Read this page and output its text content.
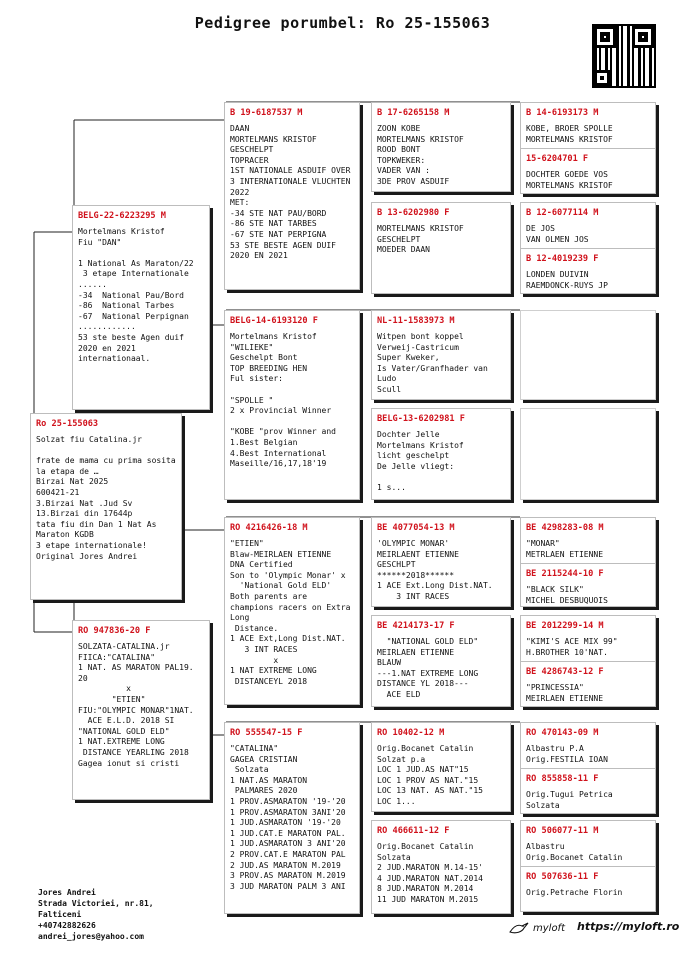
Pedigree porumbel: Ro 25-155063
Ro 25-155063
Solzat fiu Catalina.jr

frate de mama cu prima sosita la etapa de …
Birzai Nat 2025
600421-21
3.Birzai Nat .Jud Sv
13.Birzai din 17644p
tata fiu din Dan 1 Nat As Maraton KGDB
3 etape internationale!
Original Jores Andrei
BELG-22-6223295 M
Mortelmans Kristof
Fiu "DAN"

1 National As Maraton/22
3 etape Internationale
......
-34  National Pau/Bord
-86  National Tarbes
-67  National Perpignan
............
53 ste beste Agen duif 2020 en 2021 internationaal.
RO 947836-20 F
SOLZATA-CATALINA.jr
FIICA:"CATALINA"
1 NAT. AS MARATON PAL19.
20
x
"ETIEN"
FIU:"OLYMPIC MONAR"1NAT.
ACE E.L.D. 2018 SI
"NATIONAL GOLD ELD"
1 NAT.EXTREME LONG
DISTANCE YEARLING 2018
Gagea ionut si cristi
B 19-6187537 M
DAAN
MORTELMANS KRISTOF
GESCHELPT
TOPRACER
1ST NATIONALE ASDUIF OVER 3 INTERNATIONALE VLUCHTEN 2022
MET:
-34 STE NAT PAU/BORD
-86 STE NAT TARBES
-67 STE NAT PERPIGNA
53 STE BESTE AGEN DUIF 2020 EN 2021
BELG-14-6193120 F
Mortelmans Kristof
"WILIEKE"
Geschelpt Bont
TOP BREEDING HEN
Ful sister:

"SPOLLE "
2 x Provincial Winner

"KOBE "prov Winner and
1.Best Belgian
4.Best International Maseille/16,17,18'19
RO 4216426-18 M
"ETIEN"
Blaw-MEIRLAEN ETIENNE
DNA Certified
Son to 'Olympic Monar' x
'National Gold ELD'
Both parents are champions racers on Extra Long
Distance.
1 ACE Ext,Long Dist.NAT.
3 INT RACES
x
1 NAT EXTREME LONG
DISTANCEYL 2018
RO 555547-15 F
"CATALINA"
GAGEA CRISTIAN
Solzata
1 NAT.AS MARATON
PALMARES 2020
1 PROV.ASMARATON '19-'20
1 PROV.ASMARATON 3ANI'20
1 JUD.ASMARATON '19-'20
1 JUD.CAT.E MARATON PAL.
1 JUD.ASMARATON 3 ANI'20
2 PROV.CAT.E MARATON PAL
2 JUD.AS MARATON M.2019
3 PROV.AS MARATON M.2019
3 JUD MARATON PALM 3 ANI
B 17-6265158 M
ZOON KOBE
MORTELMANS KRISTOF
ROOD BONT
TOPKWEKER:
VADER VAN :
3DE PROV ASDUIF
B 13-6202980 F
MORTELMANS KRISTOF
GESCHELPT
MOEDER DAAN
NL-11-1583973 M
Witpen bont koppel
Verweij-Castricum
Super Kweker,
Is Vater/Granfhader van Ludo
Scull
BELG-13-6202981 F
Dochter Jelle
Mortelmans Kristof
licht geschelpt
De Jelle vliegt:

1 s...
BE 4077054-13 M
'OLYMPIC MONAR'
MEIRLAENT ETIENNE
GESCHLPT
******2018******
1 ACE Ext.Long Dist.NAT.
3 INT RACES
BE 4214173-17 F
"NATIONAL GOLD ELD"
MEIRLAEN ETIENNE
BLAUW
---1.NAT EXTREME LONG
DISTANCE YL 2018---
ACE ELD
RO 10402-12 M
Orig.Bocanet Catalin
Solzat p.a
LOC 1 JUD.AS NAT"15
LOC 1 PROV AS NAT."15
LOC 13 NAT. AS NAT."15
LOC 1...
RO 466611-12 F
Orig.Bocanet Catalin
Solzata
2 JUD.MARATON M.14-15'
4 JUD.MARATON NAT.2014
8 JUD.MARATON M.2014
11 JUD MARATON M.2015
B 14-6193173 M
KOBE, BROER SPOLLE
MORTELMANS KRISTOF
15-6204701 F
DOCHTER GOEDE VOS
MORTELMANS KRISTOF
B 12-6077114 M
DE JOS
VAN OLMEN JOS
B 12-4019239 F
LONDEN DUIVIN
RAEMDONCK-RUYS JP
BE 4298283-08 M
"MONAR"
METRLAEN ETIENNE
BE 2115244-10 F
"BLACK SILK"
MICHEL DESBUQUOIS
BE 2012299-14 M
"KIMI'S ACE MIX 99"
H.BROTHER 10'NAT.
BE 4286743-12 F
"PRINCESSIA"
MEIRLAEN ETIENNE
RO 470143-09 M
Albastru P.A
Orig.FESTILA IOAN
RO 855858-11 F
Orig.Tugui Petrica
Solzata
RO 506077-11 M
Albastru
Orig.Bocanet Catalin
RO 507636-11 F
Orig.Petrache Florin
Jores Andrei
Strada Victoriei, nr.81,
Falticeni
+40742882626
andrei_jores@yahoo.com
myloft https://myloft.ro
